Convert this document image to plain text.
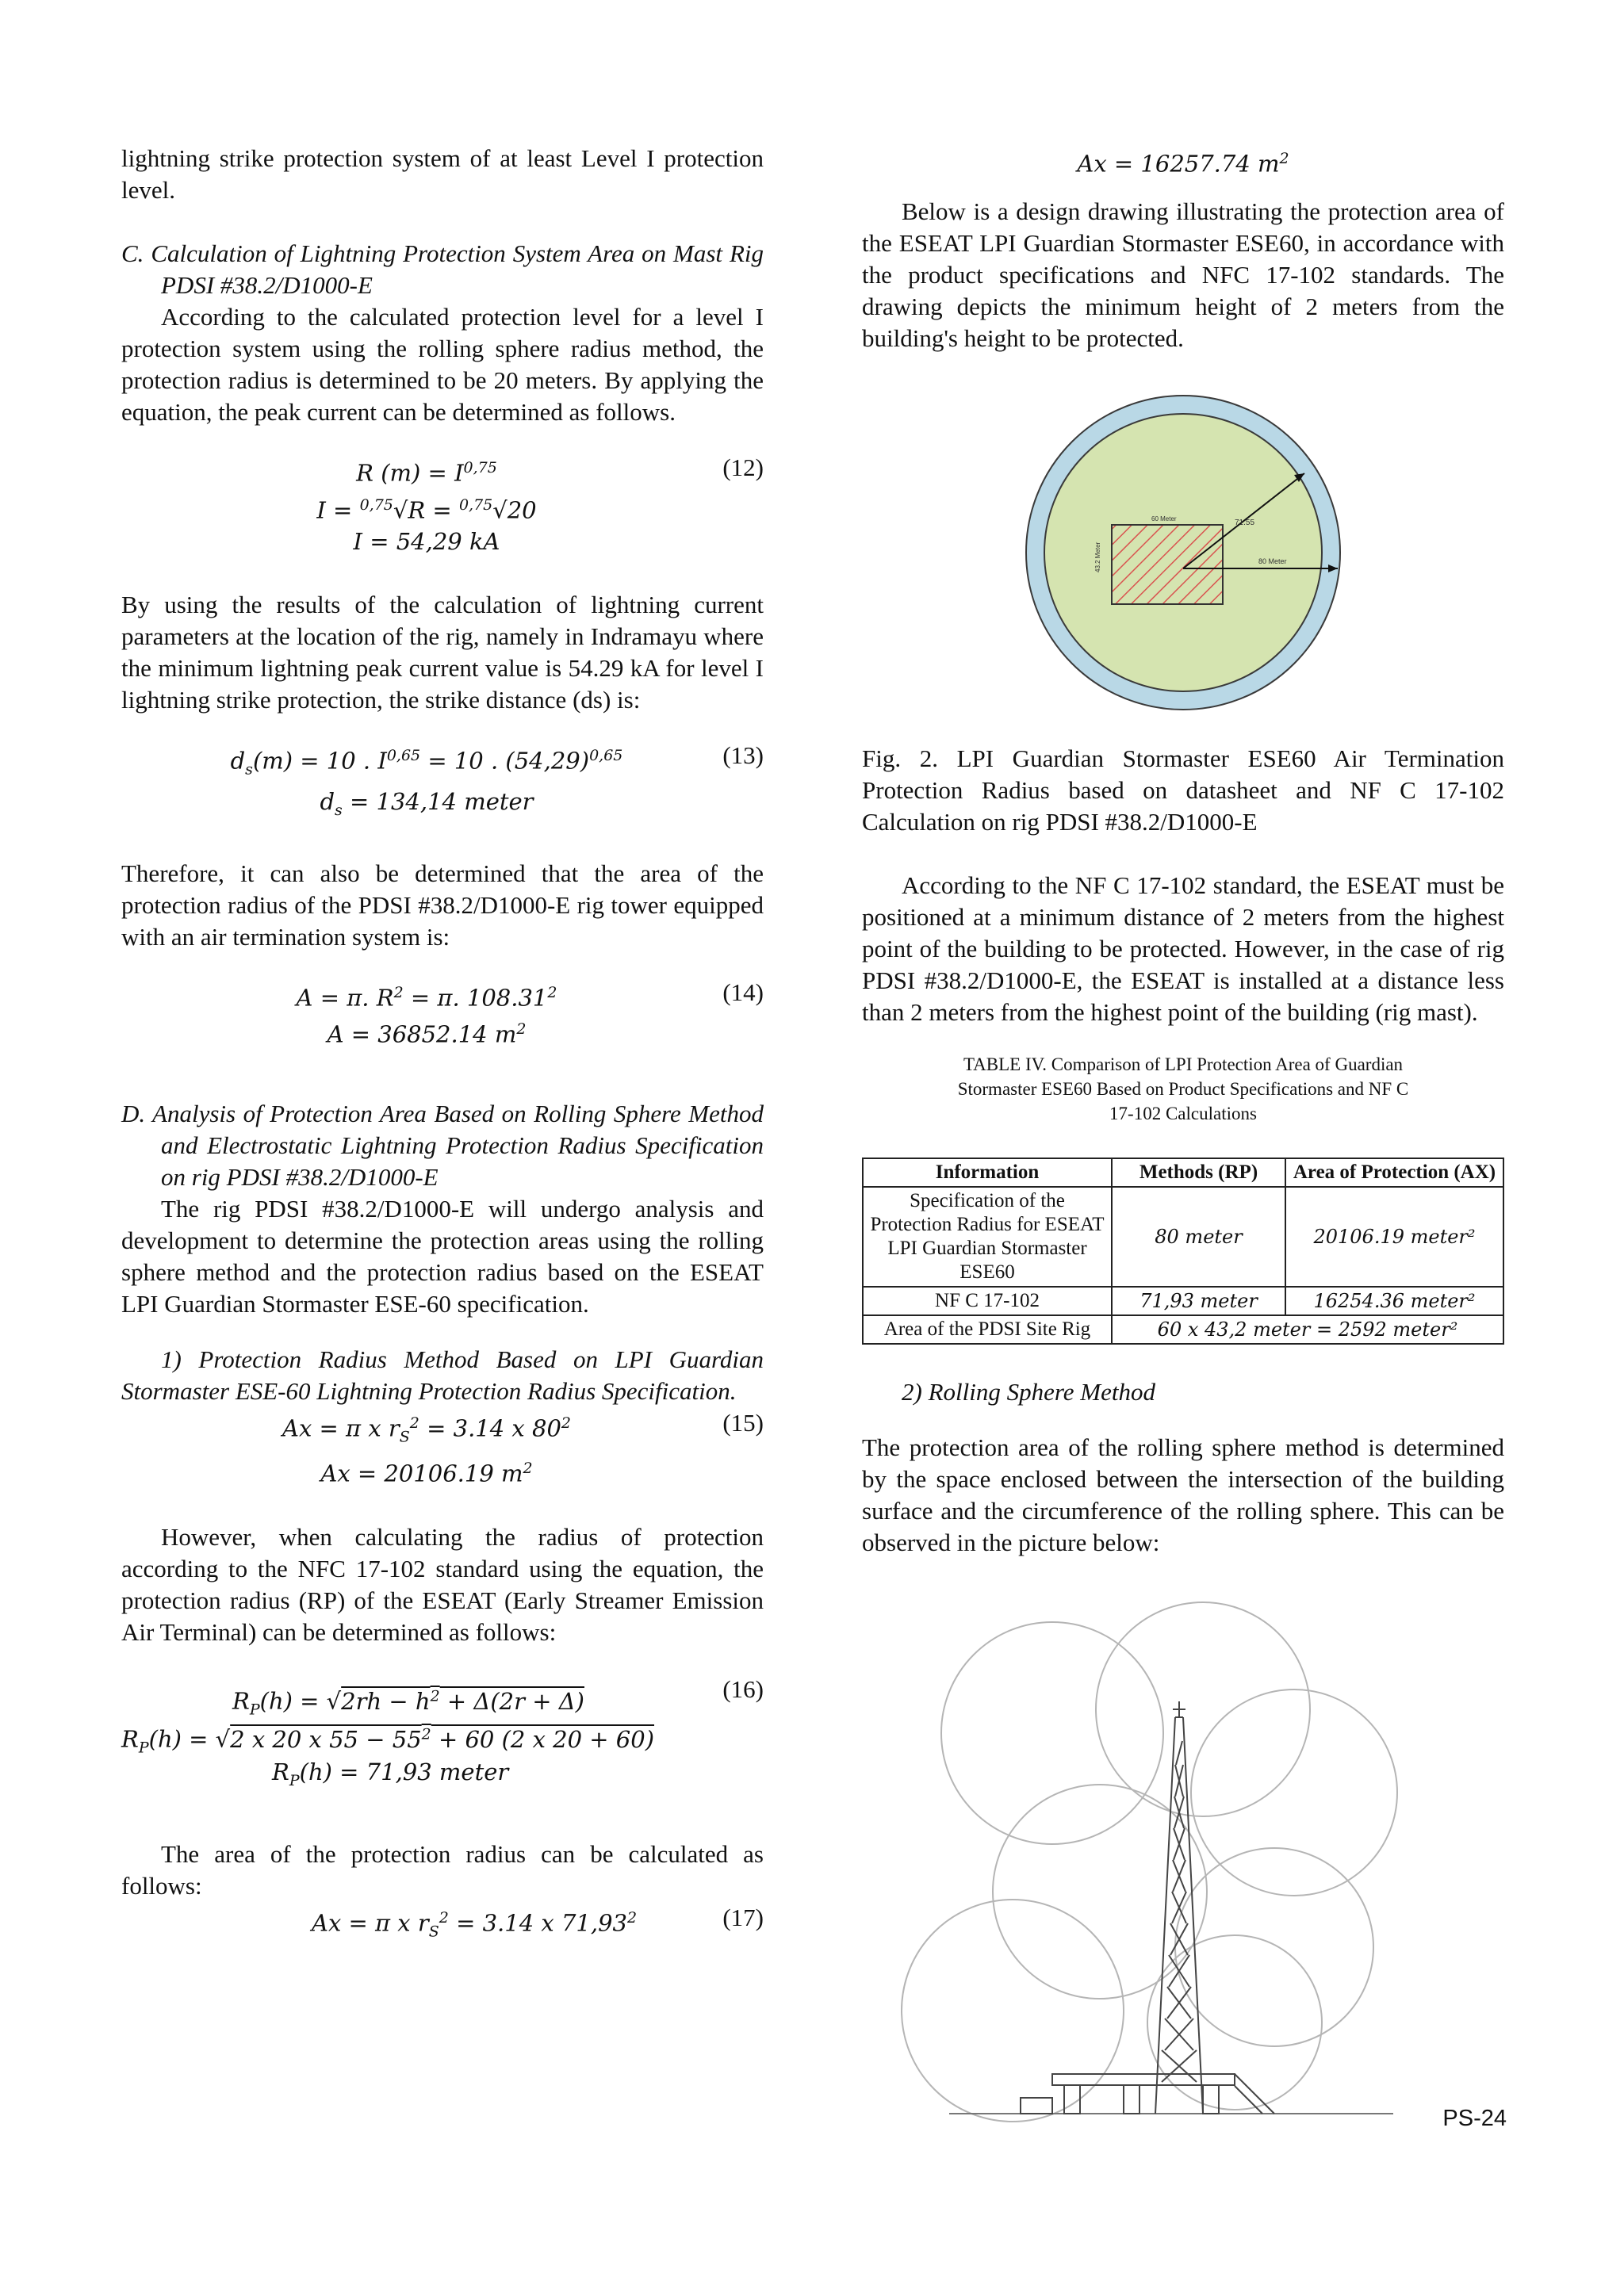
lightning strike protection system of at least Level I protection level.

C. Calculation of Lightning Protection System Area on Mast Rig PDSI #38.2/D1000-E

According to the calculated protection level for a level I protection system using the rolling sphere radius method, the protection radius is determined to be 20 meters. By applying the equation, the peak current can be determined as follows.

R (m) = I$^{0,75}$
I = $^{0,75}$√R = $^{0,75}$√20
I = 54,29 kA
(12)

By using the results of the calculation of lightning current parameters at the location of the rig, namely in Indramayu where the minimum lightning peak current value is 54.29 kA for level I lightning strike protection, the strike distance (ds) is:

$d_s(m) = 10$ . I$^{0,65}$ = 10 . $(54,29)^{0,65}$
$d_s = 134,14$ meter
(13)

Therefore, it can also be determined that the area of the protection radius of the PDSI #38.2/D1000-E rig tower equipped with an air termination system is:

A = π. $R^2 = \pi$. 108.31$^2$
A = 36852.14 $m^2$
(14)

D. Analysis of Protection Area Based on Rolling Sphere Method and Electrostatic Lightning Protection Radius Specification on rig PDSI #38.2/D1000-E

The rig PDSI #38.2/D1000-E will undergo analysis and development to determine the protection areas using the rolling sphere method and the protection radius based on the ESEAT LPI Guardian Stormaster ESE-60 specification.

1) Protection Radius Method Based on LPI Guardian Stormaster ESE-60 Lightning Protection Radius Specification.

Ax = π x $r_S^2 = 3.14$ x $80^2$
Ax = 20106.19 $m^2$
(15)

However, when calculating the radius of protection according to the NFC 17-102 standard using the equation, the protection radius (RP) of the ESEAT (Early Streamer Emission Air Terminal) can be determined as follows:

$R_P(h) = √2rh - h^2 + \Delta(2r + \Delta)$
$R_P(h) = √2$ x 20 x $55 - 55^2 + 60$ (2 x 20 + 60)
$R_P(h) = 71,93$ meter
(16)

The area of the protection radius can be calculated as follows:

Ax = π x $r_S^2 = 3.14$ x 71,93$^2$	(17)
Ax = 16257.74 $m^2$

Below is a design drawing illustrating the protection area of the ESEAT LPI Guardian Stormaster ESE60, in accordance with the product specifications and NFC 17-102 standards. The drawing depicts the minimum height of 2 meters from the building's height to be protected.

71.55
80 Meter
60 Meter
43.2 Meter

Fig. 2. LPI Guardian Stormaster ESE60 Air Termination Protection Radius based on datasheet and NF C 17-102 Calculation on rig PDSI #38.2/D1000-E

According to the NF C 17-102 standard, the ESEAT must be positioned at a minimum distance of 2 meters from the highest point of the building to be protected. However, in the case of rig PDSI #38.2/D1000-E, the ESEAT is installed at a distance less than 2 meters from the highest point of the building (rig mast).

TABLE IV. Comparison of LPI Protection Area of Guardian
Stormaster ESE60 Based on Product Specifications and NF C
17-102 Calculations
Information	Methods (RP)	Area of Protection (AX)
Specification of the Protection Radius for ESEAT LPI Guardian Stormaster ESE60	80 meter	20106.19 meter²
NF C 17-102	71,93 meter	16254.36 meter²
Area of the PDSI Site Rig	60 x 43,2 meter = 2592 meter²	

2) Rolling Sphere Method

The protection area of the rolling sphere method is determined by the space enclosed between the intersection of the building surface and the circumference of the rolling sphere. This can be observed in the picture below:

PS-24
